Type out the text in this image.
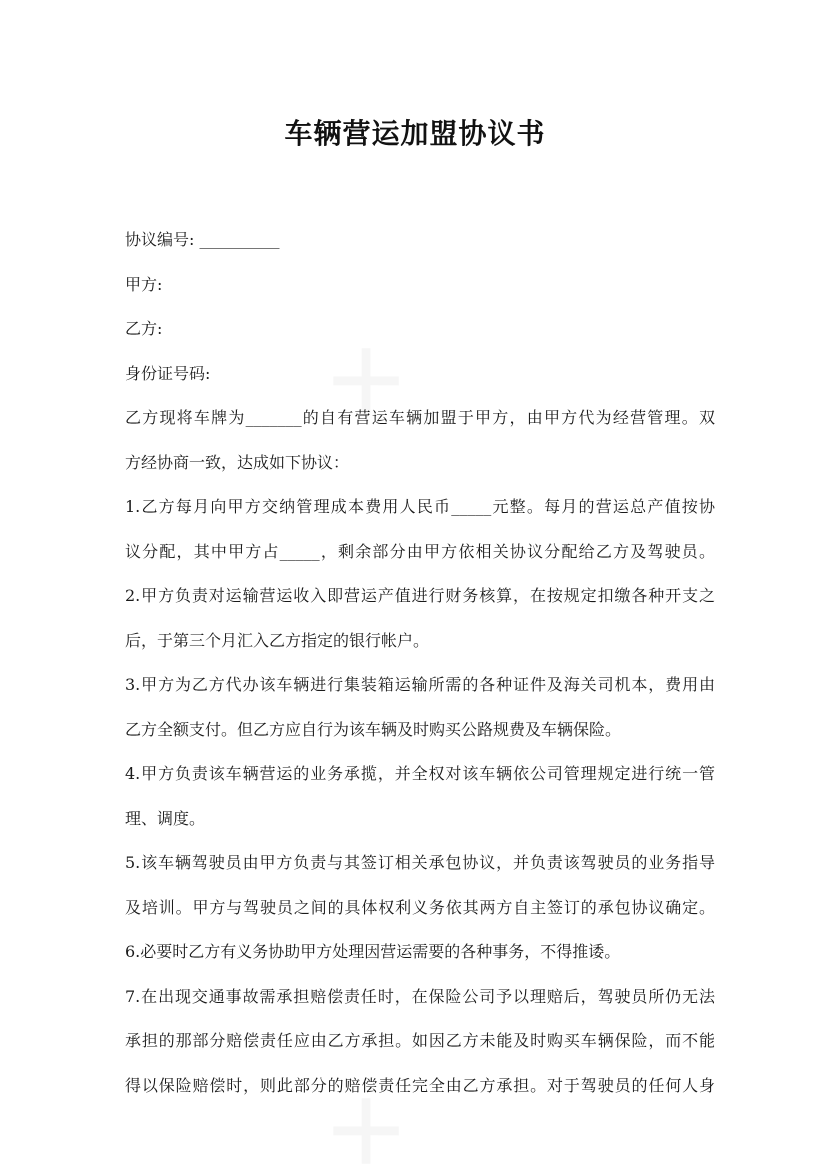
车辆营运加盟协议书
协议编号: __________
甲方:
乙方:
身份证号码:
乙方现将车牌为_______的自有营运车辆加盟于甲方，由甲方代为经营管理。双
方经协商一致，达成如下协议：
1.乙方每月向甲方交纳管理成本费用人民币_____元整。每月的营运总产值按协
议分配，其中甲方占_____，剩余部分由甲方依相关协议分配给乙方及驾驶员。
2.甲方负责对运输营运收入即营运产值进行财务核算，在按规定扣缴各种开支之
后，于第三个月汇入乙方指定的银行帐户。
3.甲方为乙方代办该车辆进行集装箱运输所需的各种证件及海关司机本，费用由
乙方全额支付。但乙方应自行为该车辆及时购买公路规费及车辆保险。
4.甲方负责该车辆营运的业务承揽，并全权对该车辆依公司管理规定进行统一管
理、调度。
5.该车辆驾驶员由甲方负责与其签订相关承包协议，并负责该驾驶员的业务指导
及培训。甲方与驾驶员之间的具体权利义务依其两方自主签订的承包协议确定。
6.必要时乙方有义务协助甲方处理因营运需要的各种事务，不得推诿。
7.在出现交通事故需承担赔偿责任时，在保险公司予以理赔后，驾驶员所仍无法
承担的那部分赔偿责任应由乙方承担。如因乙方未能及时购买车辆保险，而不能
得以保险赔偿时，则此部分的赔偿责任完全由乙方承担。对于驾驶员的任何人身
